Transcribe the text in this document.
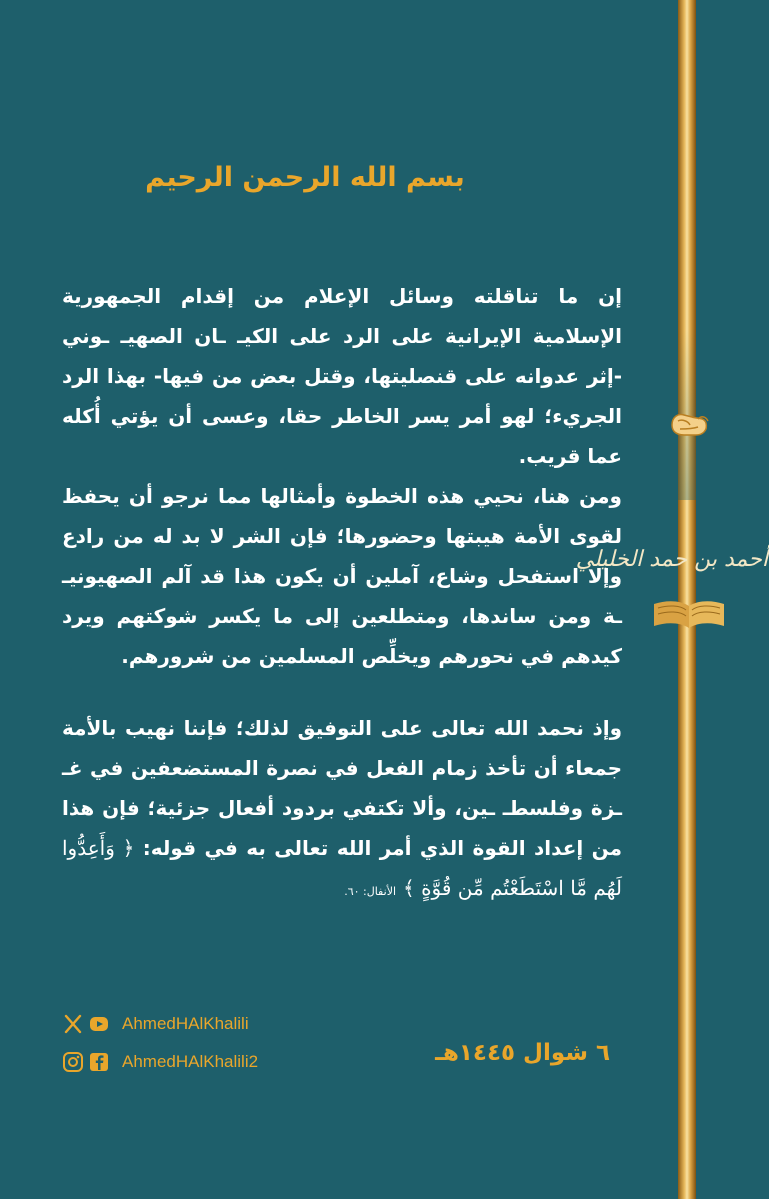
أحمد بن حمد الخليلي
بسم الله الرحمن الرحيم

إن ما تناقلته وسائل الإعلام من إقدام الجمهورية الإسلامية الإيرانية على الرد على الكيـ ـان الصهيـ ـوني -إثر عدوانه على قنصليتها، وقتل بعض من فيها- بهذا الرد الجريء؛ لهو أمر يسر الخاطر حقا، وعسى أن يؤتي أُكله عما قريب.

ومن هنا، نحيي هذه الخطوة وأمثالها مما نرجو أن يحفظ لقوى الأمة هيبتها وحضورها؛ فإن الشر لا بد له من رادع وإلا استفحل وشاع، آملين أن يكون هذا قد آلم الصهيونيـ ـة ومن ساندها، ومتطلعين إلى ما يكسر شوكتهم ويرد كيدهم في نحورهم ويخلِّص المسلمين من شرورهم.

وإذ نحمد الله تعالى على التوفيق لذلك؛ فإننا نهيب بالأمة جمعاء أن تأخذ زمام الفعل في نصرة المستضعفين في غـ ـزة وفلسطـ ـين، وألا تكتفي بردود أفعال جزئية؛ فإن هذا من إعداد القوة الذي أمر الله تعالى به في قوله: ﴿ وَأَعِدُّوا لَهُم مَّا اسْتَطَعْتُم مِّن قُوَّةٍ ﴾ الأنفال: ٦٠.

AhmedHAlKhalili
AhmedHAlKhalili2	٦ شوال ١٤٤٥هـ
